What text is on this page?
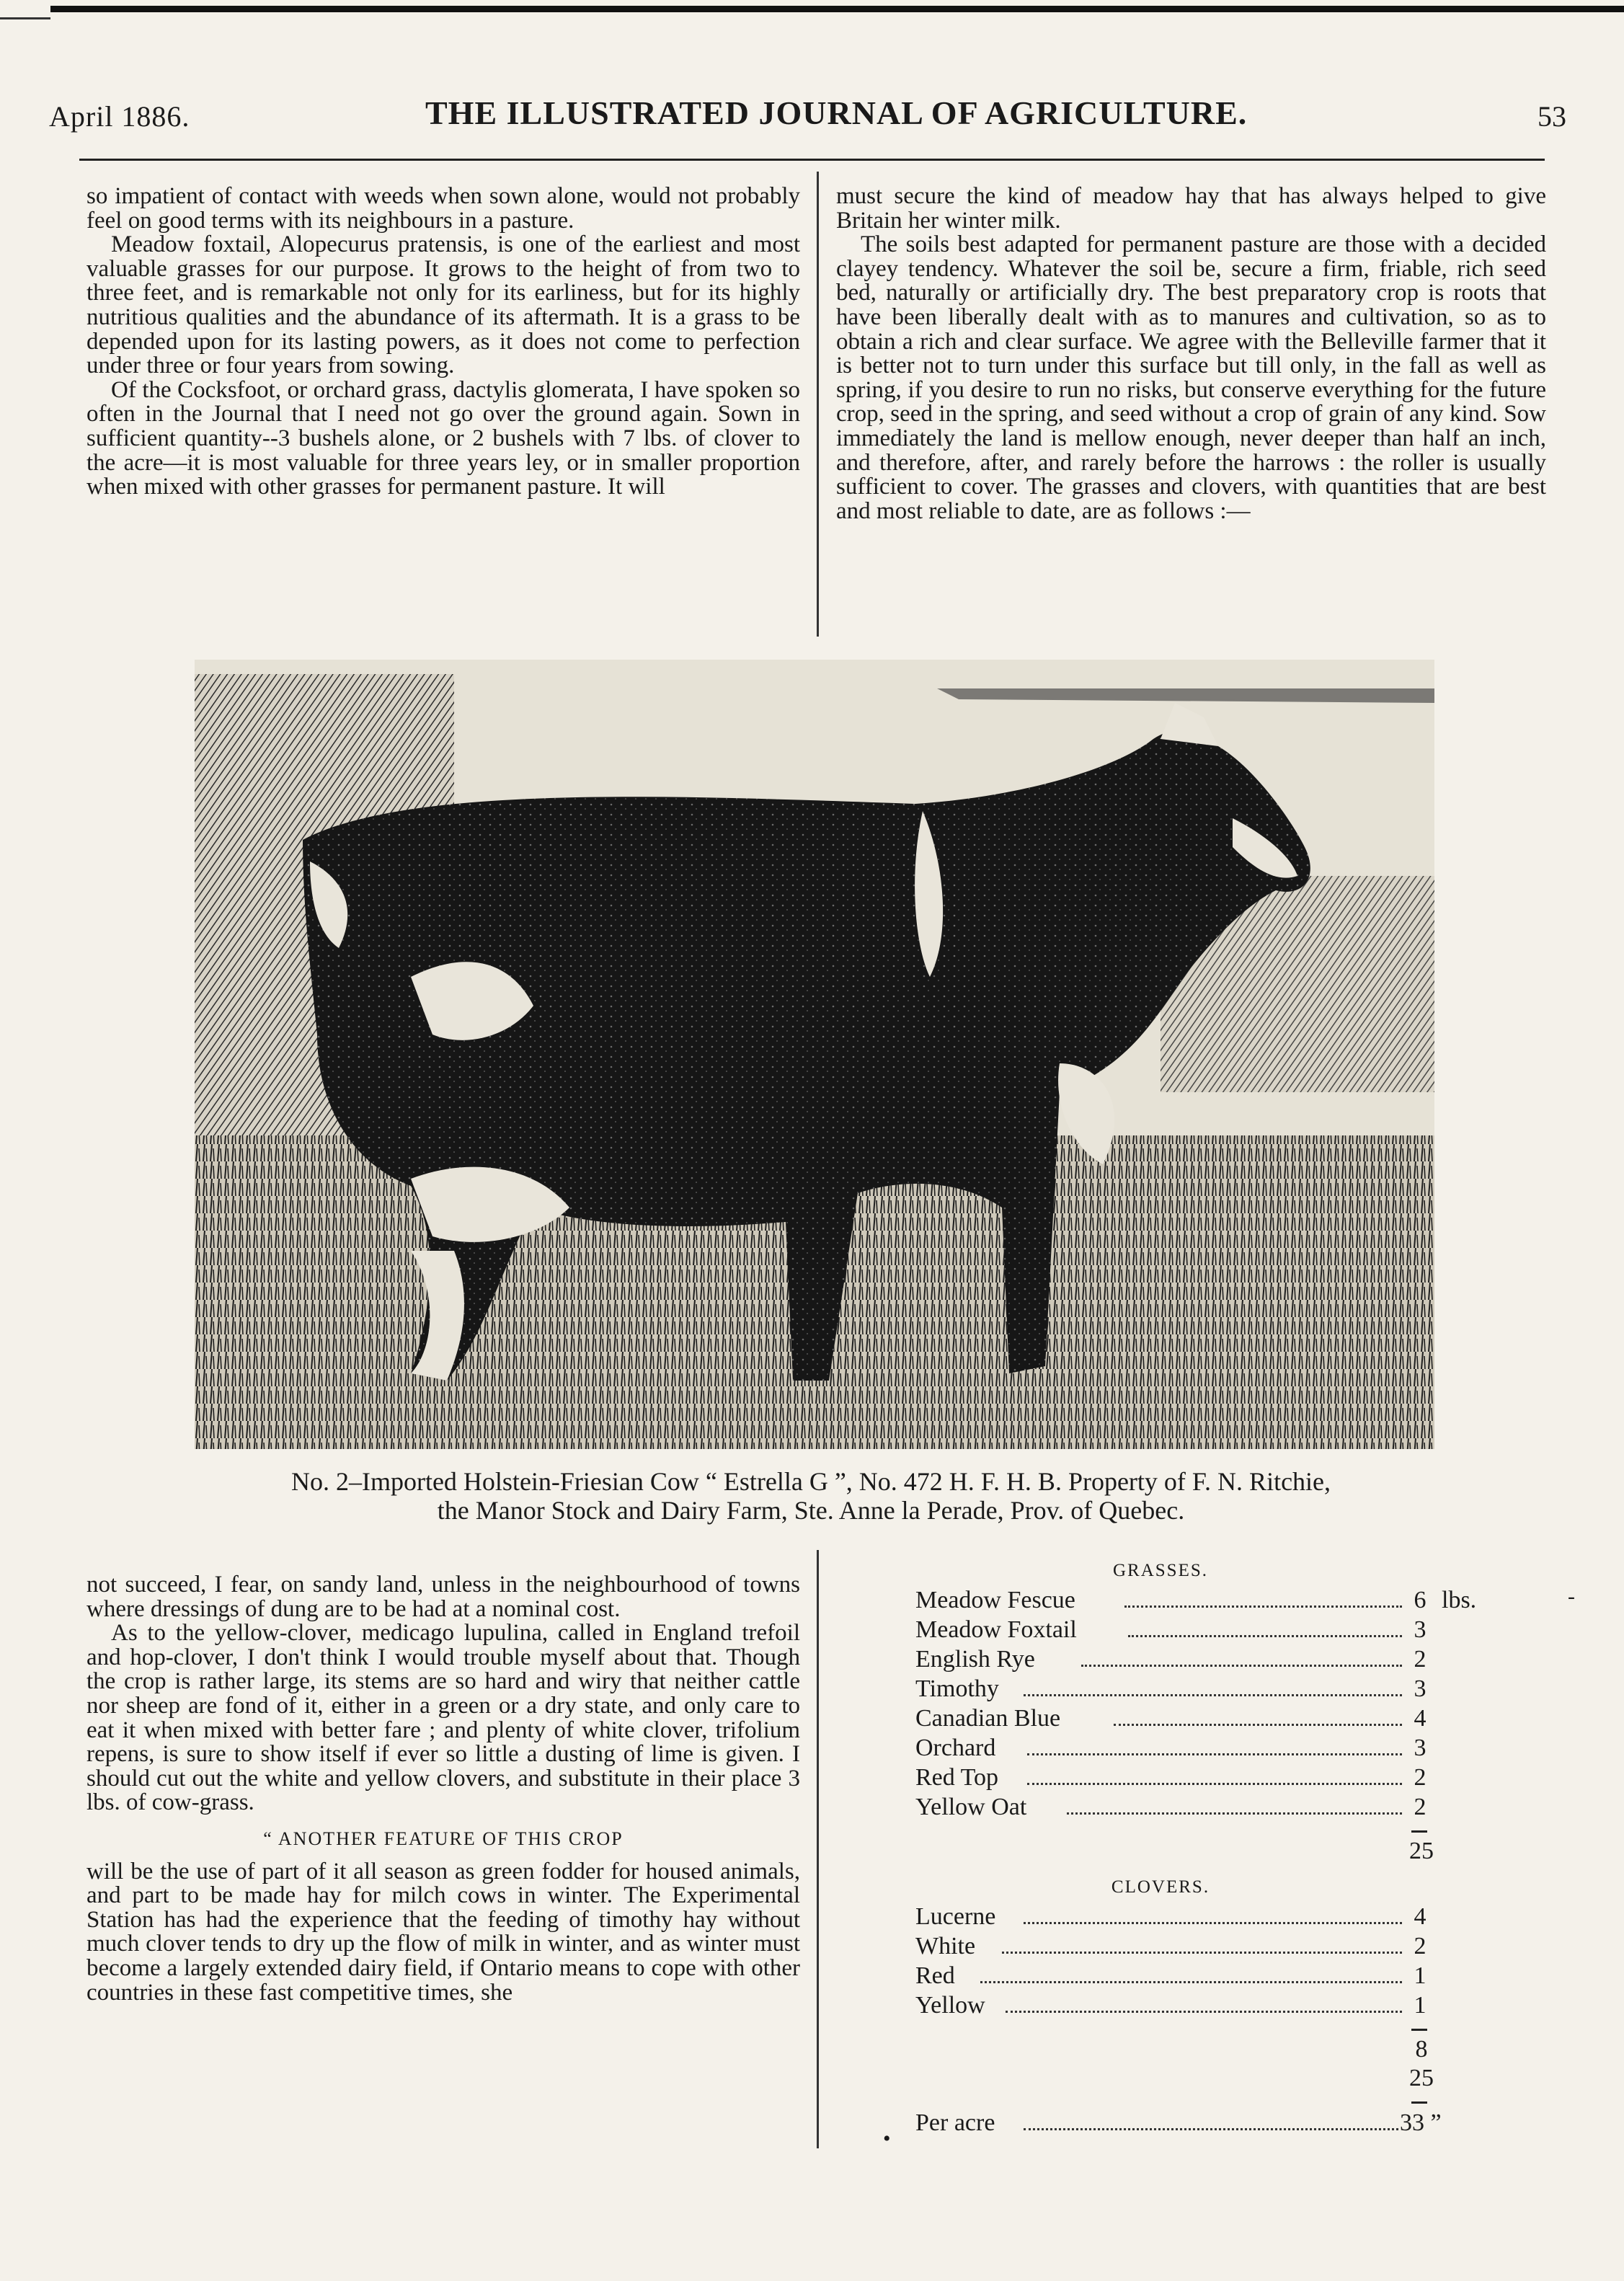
April 1886.	THE ILLUSTRATED JOURNAL OF AGRICULTURE.	53

so impatient of contact with weeds when sown alone, would not probably feel on good terms with its neighbours in a pasture.

Meadow foxtail, Alopecurus pratensis, is one of the earliest and most valuable grasses for our purpose. It grows to the height of from two to three feet, and is remarkable not only for its earliness, but for its highly nutritious qualities and the abundance of its aftermath. It is a grass to be depended upon for its lasting powers, as it does not come to perfection under three or four years from sowing.

Of the Cocksfoot, or orchard grass, dactylis glomerata, I have spoken so often in the Journal that I need not go over the ground again. Sown in sufficient quantity--3 bushels alone, or 2 bushels with 7 lbs. of clover to the acre—it is most valuable for three years ley, or in smaller proportion when mixed with other grasses for permanent pasture. It will

must secure the kind of meadow hay that has always helped to give Britain her winter milk.

The soils best adapted for permanent pasture are those with a decided clayey tendency. Whatever the soil be, secure a firm, friable, rich seed bed, naturally or artificially dry. The best preparatory crop is roots that have been liberally dealt with as to manures and cultivation, so as to obtain a rich and clear surface. We agree with the Belleville farmer that it is better not to turn under this surface but till only, in the fall as well as spring, if you desire to run no risks, but conserve everything for the future crop, seed in the spring, and seed without a crop of grain of any kind. Sow immediately the land is mellow enough, never deeper than half an inch, and therefore, after, and rarely before the harrows : the roller is usually sufficient to cover. The grasses and clovers, with quantities that are best and most reliable to date, are as follows :—

No. 2–Imported Holstein-Friesian Cow “ Estrella G ”, No. 472 H. F. H. B. Property of F. N. Ritchie,
the Manor Stock and Dairy Farm, Ste. Anne la Perade, Prov. of Quebec.

not succeed, I fear, on sandy land, unless in the neighbourhood of towns where dressings of dung are to be had at a nominal cost.

As to the yellow-clover, medicago lupulina, called in England trefoil and hop-clover, I don't think I would trouble myself about that. Though the crop is rather large, its stems are so hard and wiry that neither cattle nor sheep are fond of it, either in a green or a dry state, and only care to eat it when mixed with better fare ; and plenty of white clover, trifolium repens, is sure to show itself if ever so little a dusting of lime is given. I should cut out the white and yellow clovers, and substitute in their place 3 lbs. of cow-grass.

“ ANOTHER FEATURE OF THIS CROP

will be the use of part of it all season as green fodder for housed animals, and part to be made hay for milch cows in winter. The Experimental Station has had the experience that the feeding of timothy hay without much clover tends to dry up the flow of milk in winter, and as winter must become a largely extended dairy field, if Ontario means to cope with other countries in these fast competitive times, she

GRASSES.
Meadow Fescue	6 lbs.
Meadow Foxtail	3
English Rye	2
Timothy	3
Canadian Blue	4
Orchard	3
Red Top	2
Yellow Oat	2
25
CLOVERS.
Lucerne	4
White	2
Red	1
Yellow	1
8
25
Per acre	33 ”
•
-
